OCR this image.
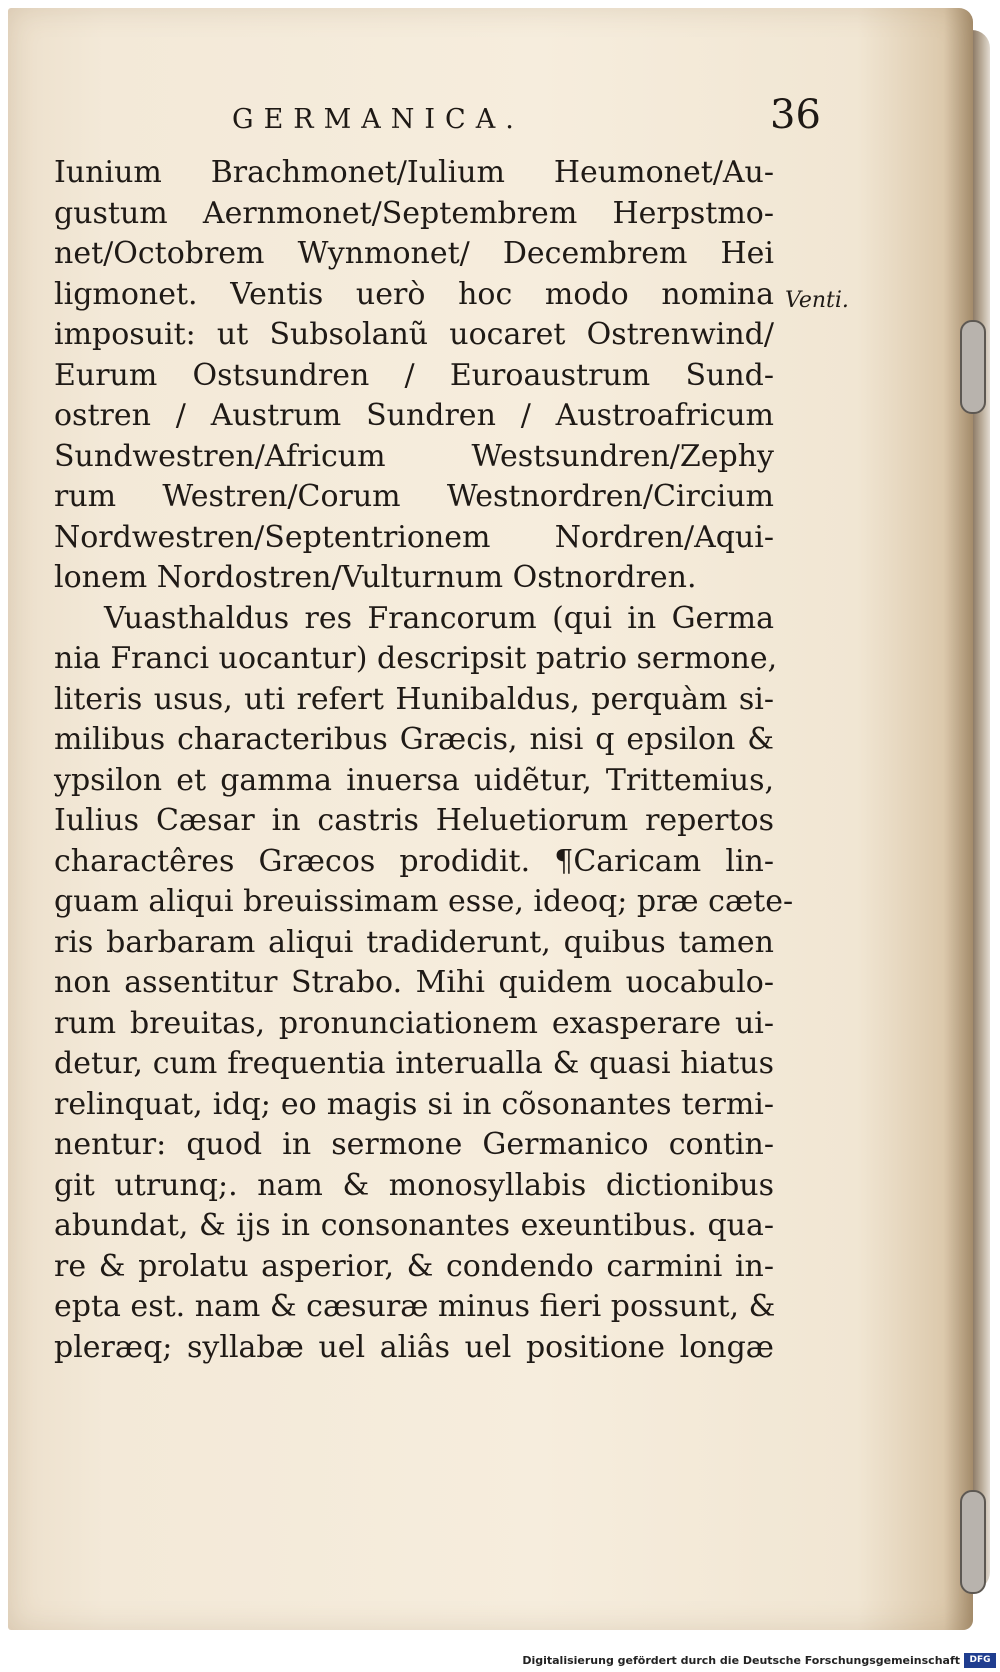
GERMANICA.	36
Venti.
Iunium Brachmonet/Iulium Heumonet/Au-
gustum Aernmonet/Septembrem Herpstmo-
net/Octobrem Wynmonet/ Decembrem Hei
ligmonet. Ventis uerò hoc modo nomina
imposuit: ut Subsolanũ uocaret Ostrenwind/
Eurum Ostsundren / Euroaustrum Sund-
ostren / Austrum Sundren / Austroafricum
Sundwestren/Africum Westsundren/Zephy
rum Westren/Corum Westnordren/Circium
Nordwestren/Septentrionem Nordren/Aqui-
lonem Nordostren/Vulturnum Ostnordren.
Vuasthaldus res Francorum (qui in Germa
nia Franci uocantur) descripsit patrio sermone,
literis usus, uti refert Hunibaldus, perquàm si-
milibus characteribus Græcis, nisi q epsilon &
ypsilon et gamma inuersa uidẽtur, Trittemius,
Iulius Cæsar in castris Heluetiorum repertos
charactêres Græcos prodidit. ¶Caricam lin-
guam aliqui breuissimam esse, ideoq; præ cæte-
ris barbaram aliqui tradiderunt, quibus tamen
non assentitur Strabo. Mihi quidem uocabulo-
rum breuitas, pronunciationem exasperare ui-
detur, cum frequentia interualla & quasi hiatus
relinquat, idq; eo magis si in cõsonantes termi-
nentur: quod in sermone Germanico contin-
git utrunq;. nam & monosyllabis dictionibus
abundat, & ijs in consonantes exeuntibus. qua-
re & prolatu asperior, & condendo carmini in-
epta est. nam & cæsuræ minus fieri possunt, &
pleræq; syllabæ uel aliâs uel positione longæ
Digitalisierung gefördert durch die Deutsche Forschungsgemeinschaft	DFG
